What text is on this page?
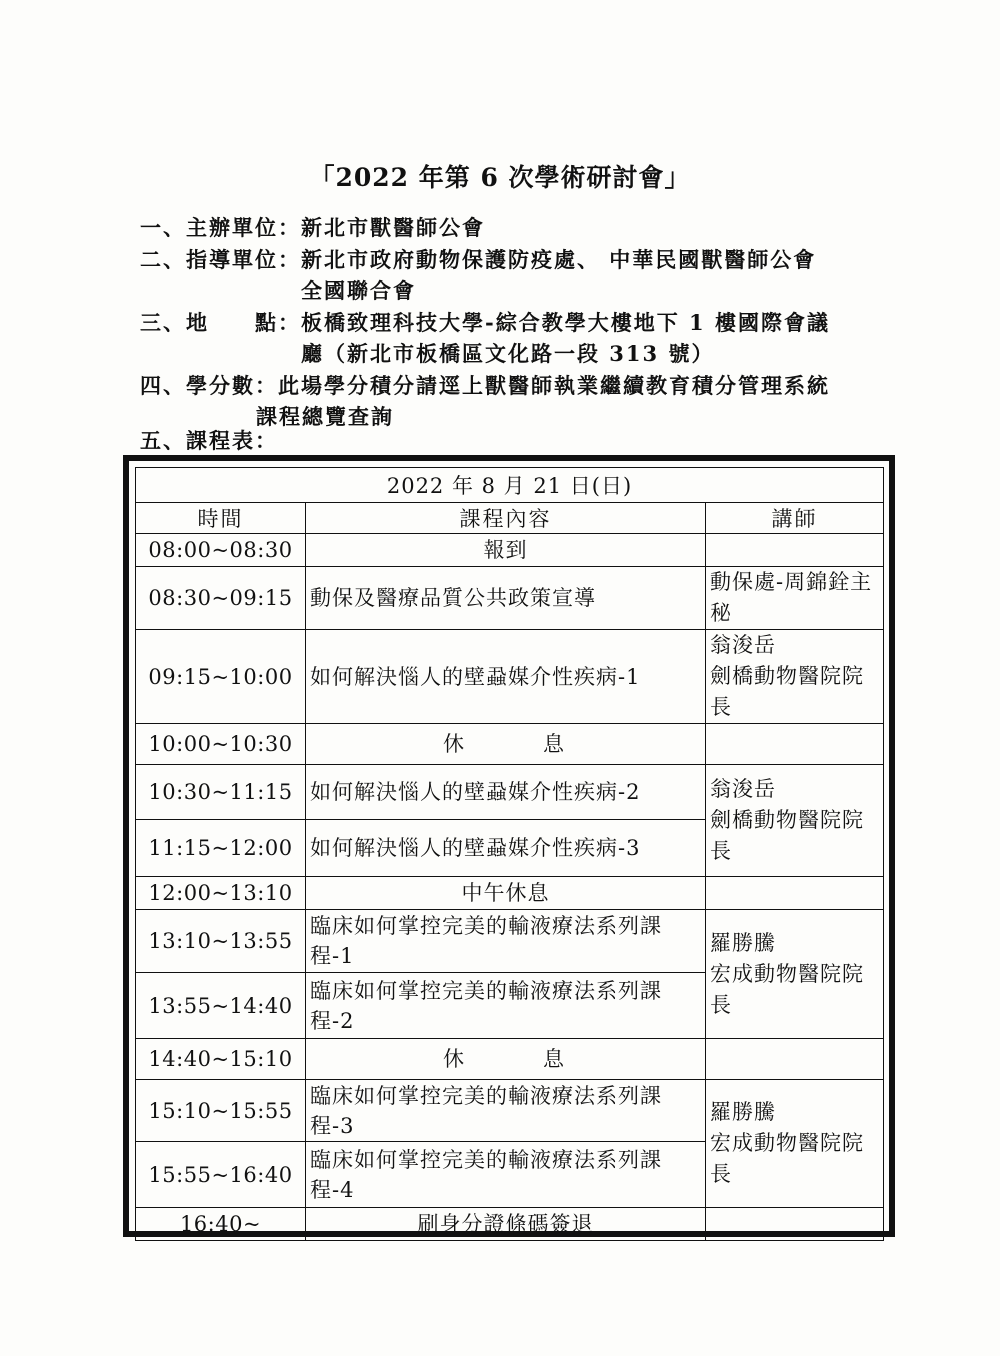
「2022 年第 6 次學術研討會」
一、主辦單位： 新北市獸醫師公會
二、指導單位： 新北市政府動物保護防疫處、 中華民國獸醫師公會
全國聯合會
三、地　　點： 板橋致理科技大學-綜合教學大樓地下 1 樓國際會議
廳（新北市板橋區文化路一段 313 號）
四、學分數： 此場學分積分請逕上獸醫師執業繼續教育積分管理系統
課程總覽查詢
五、課程表：
2022 年 8 月 21 日(日)		
時間	課程內容	講師
08:00~08:30	報到	
08:30~09:15	動保及醫療品質公共政策宣導	動保處-周錦銓主
秘

09:15~10:00	如何解決惱人的壁蝨媒介性疾病-1	翁浚岳
劍橋動物醫院院
長

10:00~10:30	休　　　息	
10:30~11:15	如何解決惱人的壁蝨媒介性疾病-2	翁浚岳
劍橋動物醫院院
長

11:15~12:00	如何解決惱人的壁蝨媒介性疾病-3	
12:00~13:10	中午休息	
13:10~13:55	臨床如何掌控完美的輸液療法系列課程-1	羅勝騰
宏成動物醫院院
長

13:55~14:40	臨床如何掌控完美的輸液療法系列課程-2	
14:40~15:10	休　　　息	
15:10~15:55	臨床如何掌控完美的輸液療法系列課程-3	羅勝騰
宏成動物醫院院
長

15:55~16:40	臨床如何掌控完美的輸液療法系列課程-4	
16:40~	刷身分證條碼簽退	
